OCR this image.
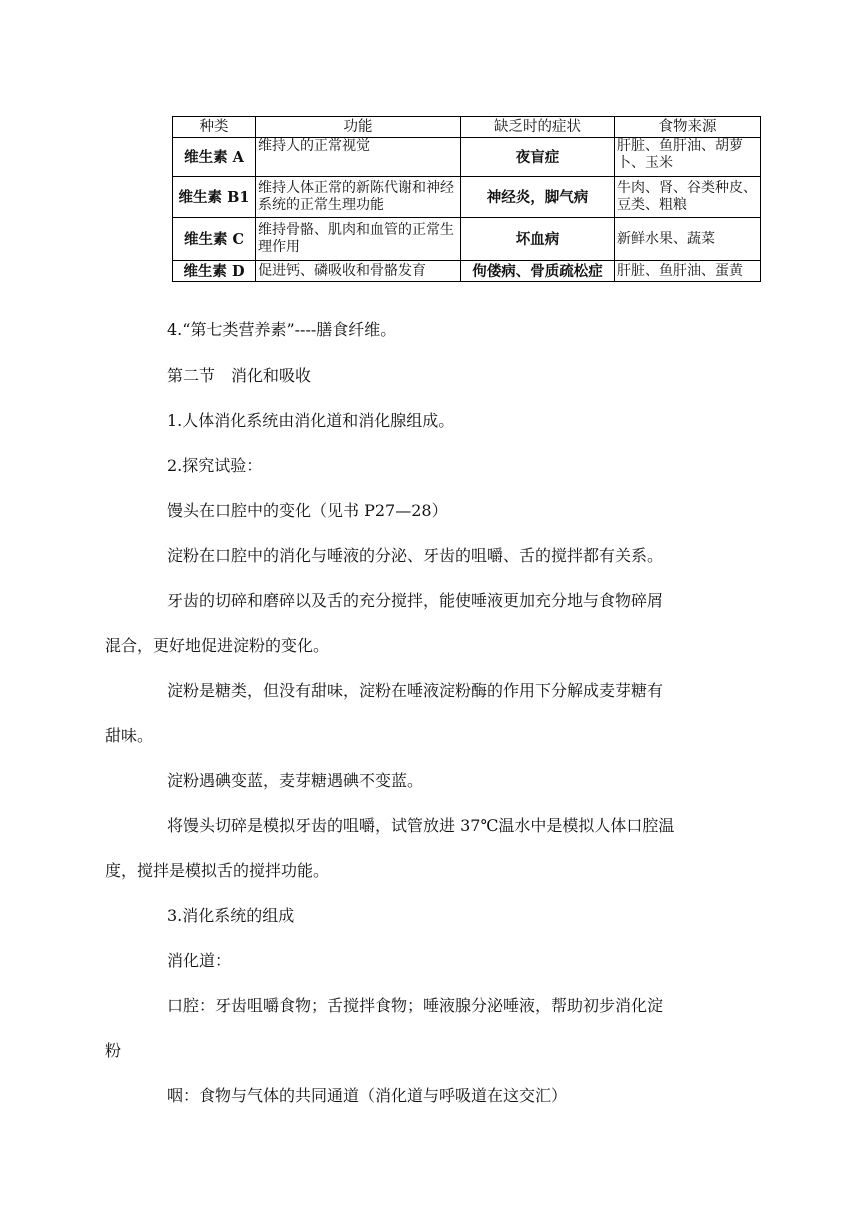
种类	功能	缺乏时的症状	食物来源
维生素 A	维持人的正常视觉	夜盲症	肝脏、鱼肝油、胡萝卜、玉米
维生素 B1	维持人体正常的新陈代谢和神经系统的正常生理功能	神经炎，脚气病	牛肉、肾、谷类种皮、豆类、粗粮
维生素 C	维持骨骼、肌肉和血管的正常生理作用	坏血病	新鲜水果、蔬菜
维生素 D	促进钙、磷吸收和骨骼发育	佝偻病、骨质疏松症	肝脏、鱼肝油、蛋黄
4.“第七类营养素”----膳食纤维。
第二节　消化和吸收
1.人体消化系统由消化道和消化腺组成。
2.探究试验：
馒头在口腔中的变化（见书 P27—28）
淀粉在口腔中的消化与唾液的分泌、牙齿的咀嚼、舌的搅拌都有关系。
牙齿的切碎和磨碎以及舌的充分搅拌，能使唾液更加充分地与食物碎屑
混合，更好地促进淀粉的变化。
淀粉是糖类，但没有甜味，淀粉在唾液淀粉酶的作用下分解成麦芽糖有
甜味。
淀粉遇碘变蓝，麦芽糖遇碘不变蓝。
将馒头切碎是模拟牙齿的咀嚼，试管放进 37℃温水中是模拟人体口腔温
度，搅拌是模拟舌的搅拌功能。
3.消化系统的组成
消化道：
口腔：牙齿咀嚼食物；舌搅拌食物；唾液腺分泌唾液，帮助初步消化淀
粉
咽：食物与气体的共同通道（消化道与呼吸道在这交汇）
